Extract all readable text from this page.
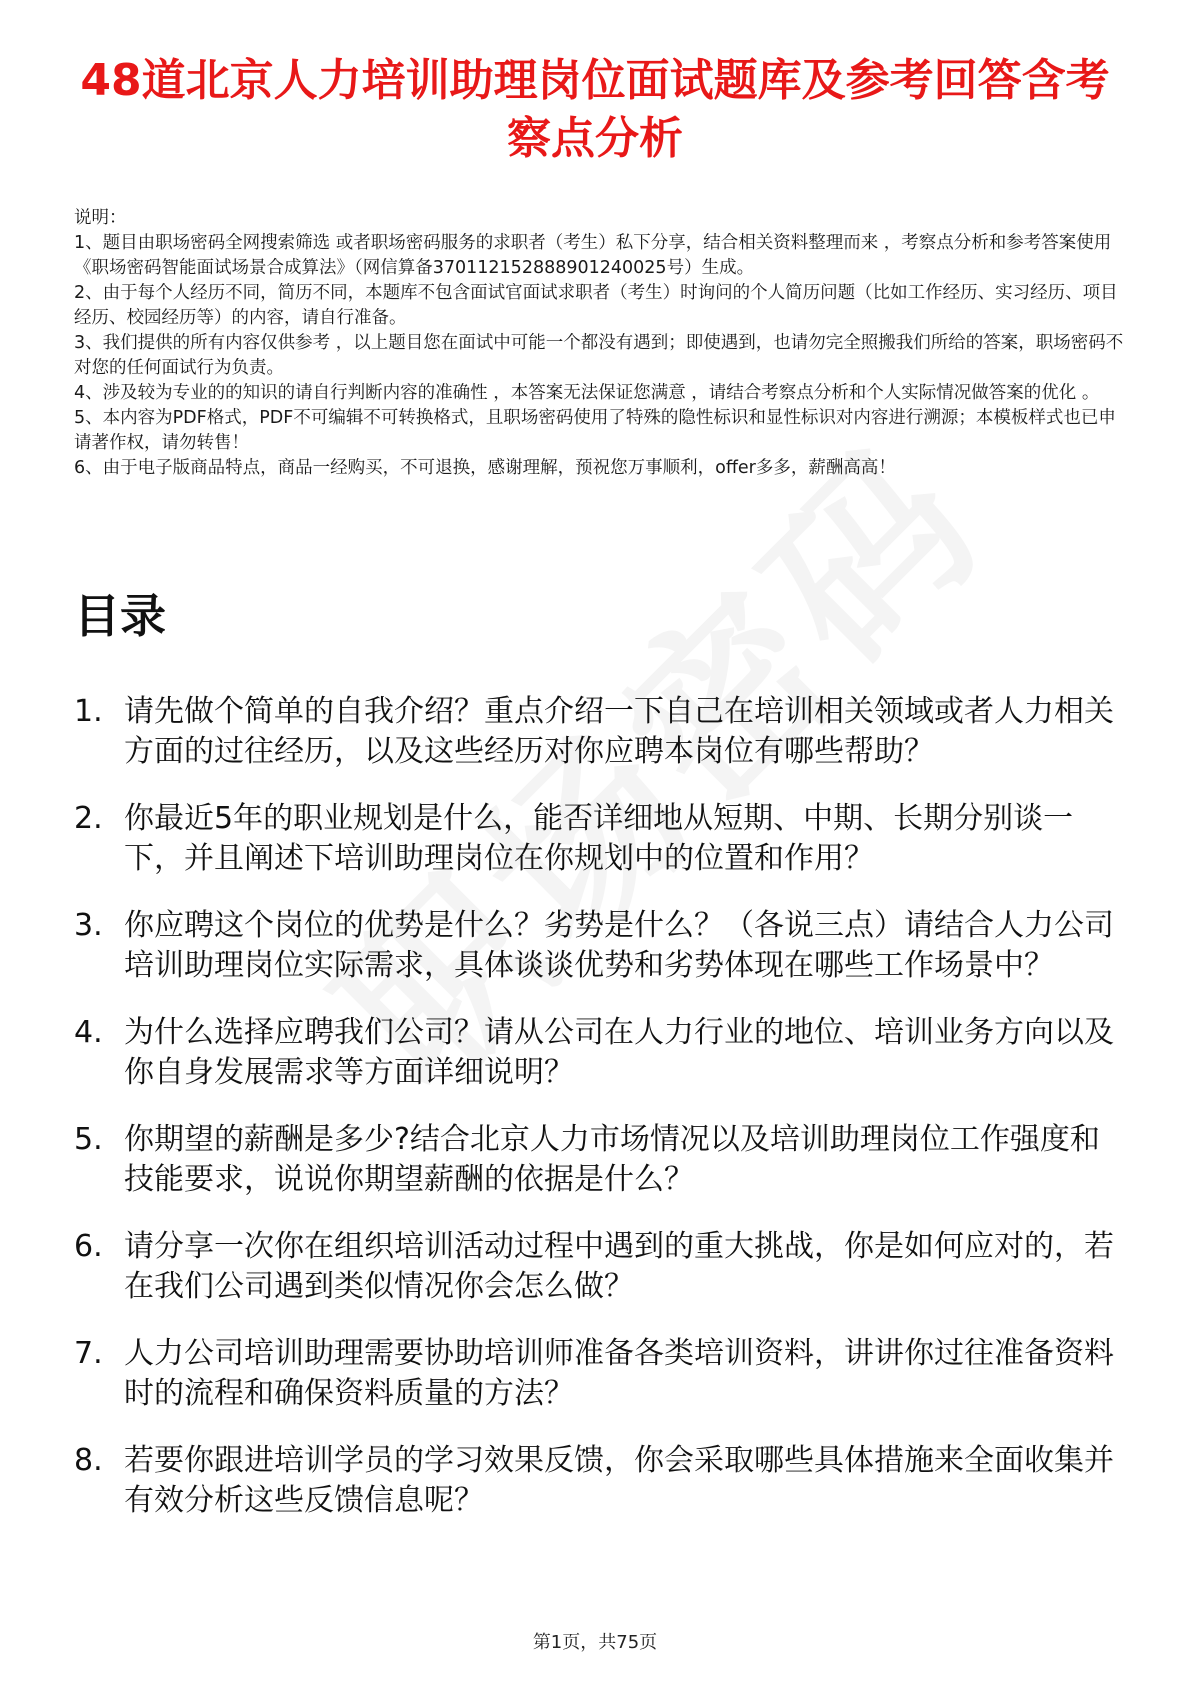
48道北京人力培训助理岗位面试题库及参考回答含考察点分析
说明：
1、题目由职场密码全网搜索筛选 或者职场密码服务的求职者（考生）私下分享，结合相关资料整理而来 ，考察点分析和参考答案使用《职场密码智能面试场景合成算法》（网信算备370112152888901240025号）生成。
2、由于每个人经历不同，简历不同，本题库不包含面试官面试求职者（考生）时询问的个人简历问题（比如工作经历、实习经历、项目经历、校园经历等）的内容，请自行准备。
3、我们提供的所有内容仅供参考 ，以上题目您在面试中可能一个都没有遇到；即使遇到，也请勿完全照搬我们所给的答案，职场密码不对您的任何面试行为负责。
4、涉及较为专业的的知识的请自行判断内容的准确性 ，本答案无法保证您满意 ，请结合考察点分析和个人实际情况做答案的优化 。
5、本内容为PDF格式，PDF不可编辑不可转换格式，且职场密码使用了特殊的隐性标识和显性标识对内容进行溯源；本模板样式也已申请著作权，请勿转售！
6、由于电子版商品特点，商品一经购买，不可退换，感谢理解，预祝您万事顺利，offer多多，薪酬高高！
目录
1. 请先做个简单的自我介绍？重点介绍一下自己在培训相关领域或者人力相关方面的过往经历，以及这些经历对你应聘本岗位有哪些帮助？
2. 你最近5年的职业规划是什么，能否详细地从短期、中期、长期分别谈一下，并且阐述下培训助理岗位在你规划中的位置和作用？
3. 你应聘这个岗位的优势是什么？劣势是什么？（各说三点）请结合人力公司培训助理岗位实际需求，具体谈谈优势和劣势体现在哪些工作场景中？
4. 为什么选择应聘我们公司？请从公司在人力行业的地位、培训业务方向以及你自身发展需求等方面详细说明？
5. 你期望的薪酬是多少?结合北京人力市场情况以及培训助理岗位工作强度和技能要求，说说你期望薪酬的依据是什么？
6. 请分享一次你在组织培训活动过程中遇到的重大挑战，你是如何应对的，若在我们公司遇到类似情况你会怎么做？
7. 人力公司培训助理需要协助培训师准备各类培训资料，讲讲你过往准备资料时的流程和确保资料质量的方法？
8. 若要你跟进培训学员的学习效果反馈，你会采取哪些具体措施来全面收集并有效分析这些反馈信息呢？
第1页，共75页
